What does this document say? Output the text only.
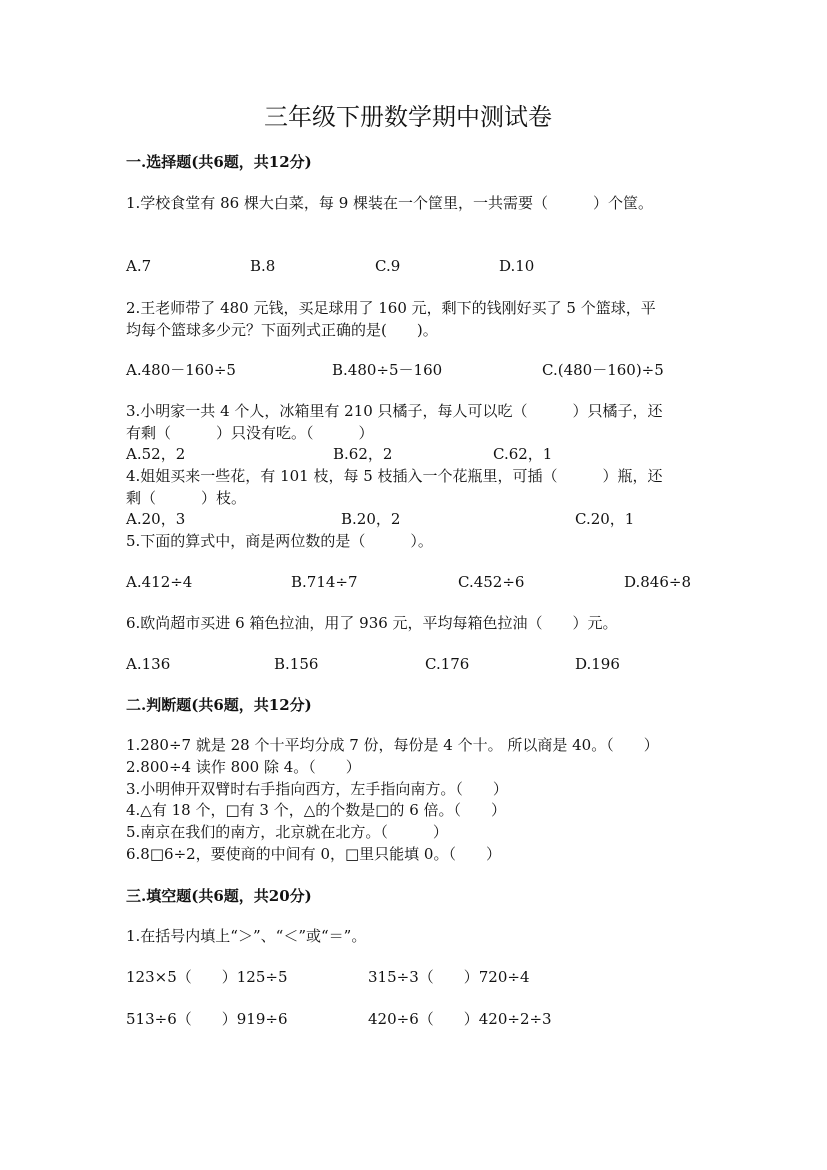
三年级下册数学期中测试卷
一.选择题(共6题，共12分)
1.学校食堂有 86 棵大白菜，每 9 棵装在一个筐里，一共需要（　　　）个筐。
A.7	B.8	C.9	D.10
2.王老师带了 480 元钱，买足球用了 160 元，剩下的钱刚好买了 5 个篮球，平
均每个篮球多少元？下面列式正确的是(　　)。
A.480－160÷5	B.480÷5－160	C.(480－160)÷5
3.小明家一共 4 个人，冰箱里有 210 只橘子，每人可以吃（　　　）只橘子，还
有剩（　　　）只没有吃。（　　　）
A.52，2	B.62，2	C.62，1
4.姐姐买来一些花，有 101 枝，每 5 枝插入一个花瓶里，可插（　　　）瓶，还
剩（　　　）枝。
A.20，3	B.20，2	C.20，1
5.下面的算式中，商是两位数的是（　　　）。
A.412÷4	B.714÷7	C.452÷6	D.846÷8
6.欧尚超市买进 6 箱色拉油，用了 936 元，平均每箱色拉油（　　）元。
A.136	B.156	C.176	D.196
二.判断题(共6题，共12分)
1.280÷7 就是 28 个十平均分成 7 份，每份是 4 个十。 所以商是 40。（　　）
2.800÷4 读作 800 除 4。（　　）
3.小明伸开双臂时右手指向西方，左手指向南方。（　　）
4.△有 18 个，□有 3 个，△的个数是□的 6 倍。（　　）
5.南京在我们的南方，北京就在北方。（　　　）
6.8□6÷2，要使商的中间有 0，□里只能填 0。（　　）
三.填空题(共6题，共20分)
1.在括号内填上“＞”、“＜”或“＝”。
123×5（　　）125÷5	315÷3（　　）720÷4
513÷6（　　）919÷6	420÷6（　　）420÷2÷3
